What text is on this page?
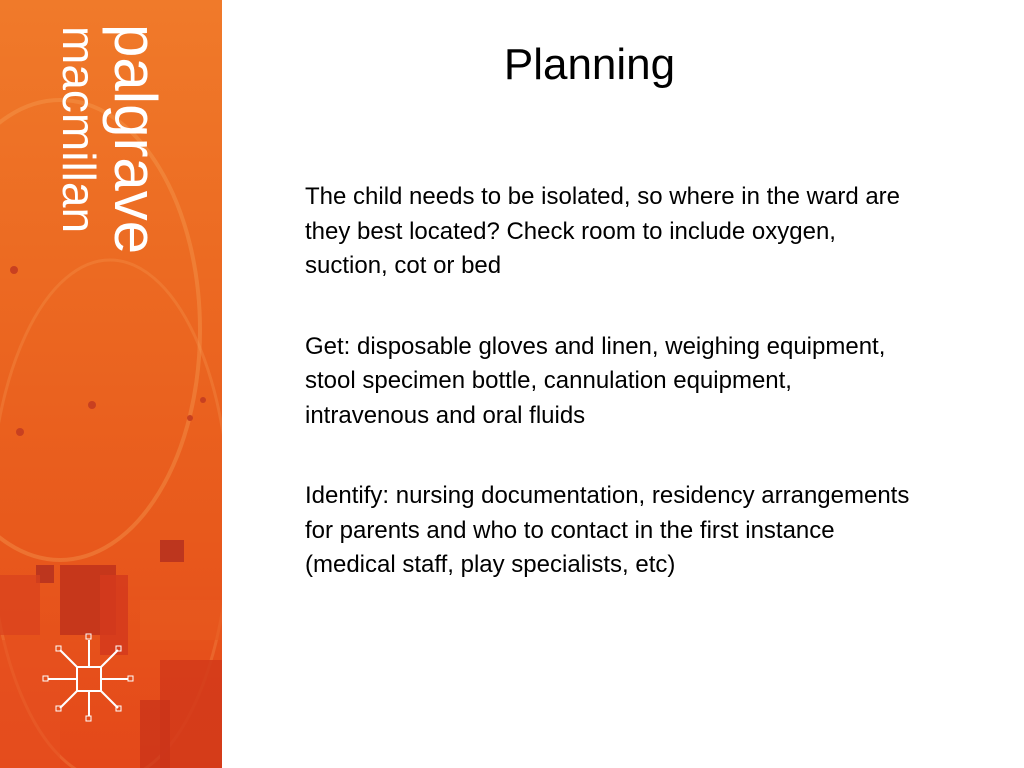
palgrave
macmillan	Planning

The child needs to be isolated, so where in the ward are they best located? Check room to include oxygen, suction, cot or bed

Get: disposable gloves and linen, weighing equipment, stool specimen bottle, cannulation equipment, intravenous and oral fluids

Identify: nursing documentation, residency arrangements for parents and who to contact in the first instance (medical staff, play specialists, etc)
